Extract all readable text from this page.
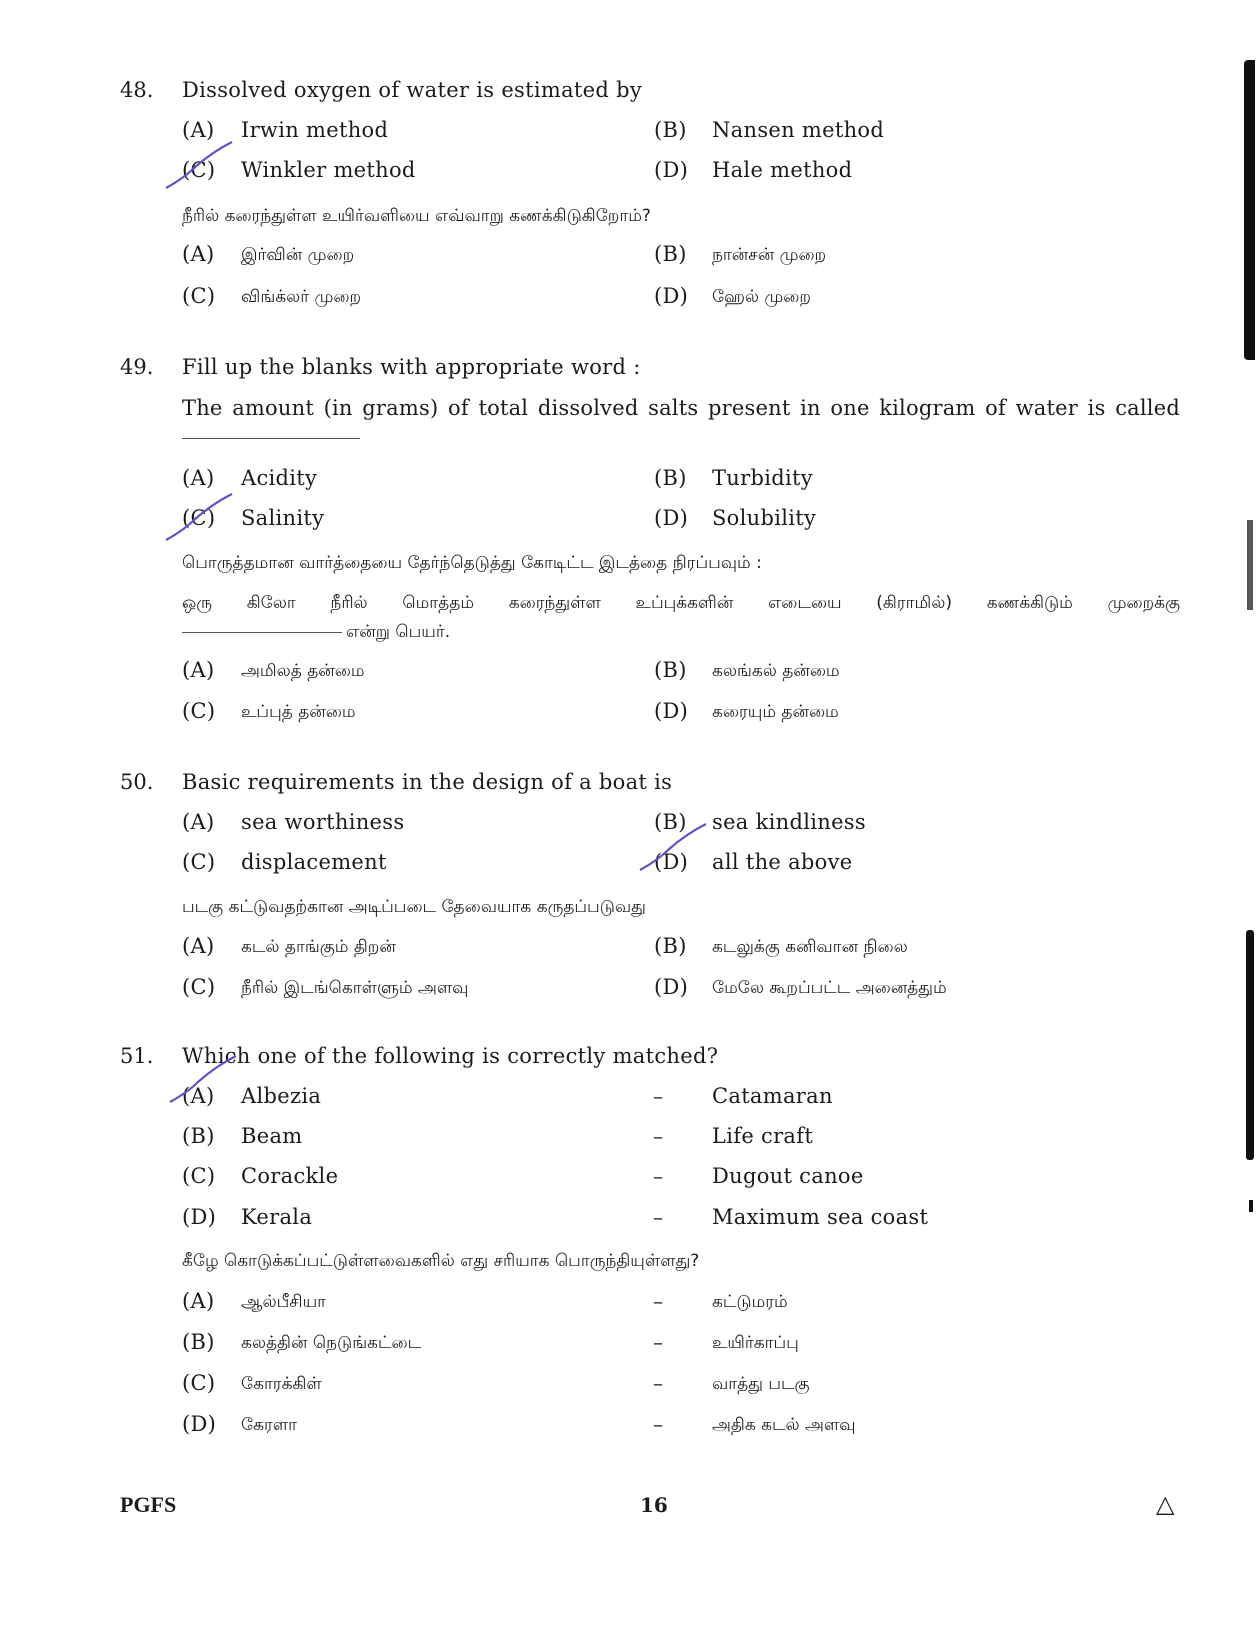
48. Dissolved oxygen of water is estimated by
(A) Irwin method	(B) Nansen method
(C) Winkler method	(D) Hale method
நீரில் கரைந்துள்ள உயிர்வளியை எவ்வாறு கணக்கிடுகிறோம்?
(A) இர்வின் முறை	(B) நான்சன் முறை
(C) விங்க்லர் முறை	(D) ஹேல் முறை
49. Fill up the blanks with appropriate word :
The amount (in grams) of total dissolved salts present in one kilogram of water is called
(A) Acidity	(B) Turbidity
(C) Salinity	(D) Solubility
பொருத்தமான வார்த்தையை தேர்ந்தெடுத்து கோடிட்ட இடத்தை நிரப்பவும் :
ஒரு கிலோ நீரில் மொத்தம் கரைந்துள்ள உப்புக்களின் எடையை (கிராமில்) கணக்கிடும் முறைக்கு
என்று பெயர்.
(A) அமிலத் தன்மை	(B) கலங்கல் தன்மை
(C) உப்புத் தன்மை	(D) கரையும் தன்மை
50. Basic requirements in the design of a boat is
(A) sea worthiness	(B) sea kindliness
(C) displacement	(D) all the above
படகு கட்டுவதற்கான அடிப்படை தேவையாக கருதப்படுவது
(A) கடல் தாங்கும் திறன்	(B) கடலுக்கு கனிவான நிலை
(C) நீரில் இடங்கொள்ளும் அளவு	(D) மேலே கூறப்பட்ட அனைத்தும்
51. Which one of the following is correctly matched?
(A) Albezia	– Catamaran
(B) Beam	– Life craft
(C) Corackle	– Dugout canoe
(D) Kerala	– Maximum sea coast
கீழே கொடுக்கப்பட்டுள்ளவைகளில் எது சரியாக பொருந்தியுள்ளது?
(A) ஆல்பீசியா	–	கட்டுமரம்
(B) கலத்தின் நெடுங்கட்டை	–	உயிர்காப்பு
(C) கோரக்கிள்	–	வாத்து படகு
(D) கேரளா	–	அதிக கடல் அளவு
PGFS	16	△
